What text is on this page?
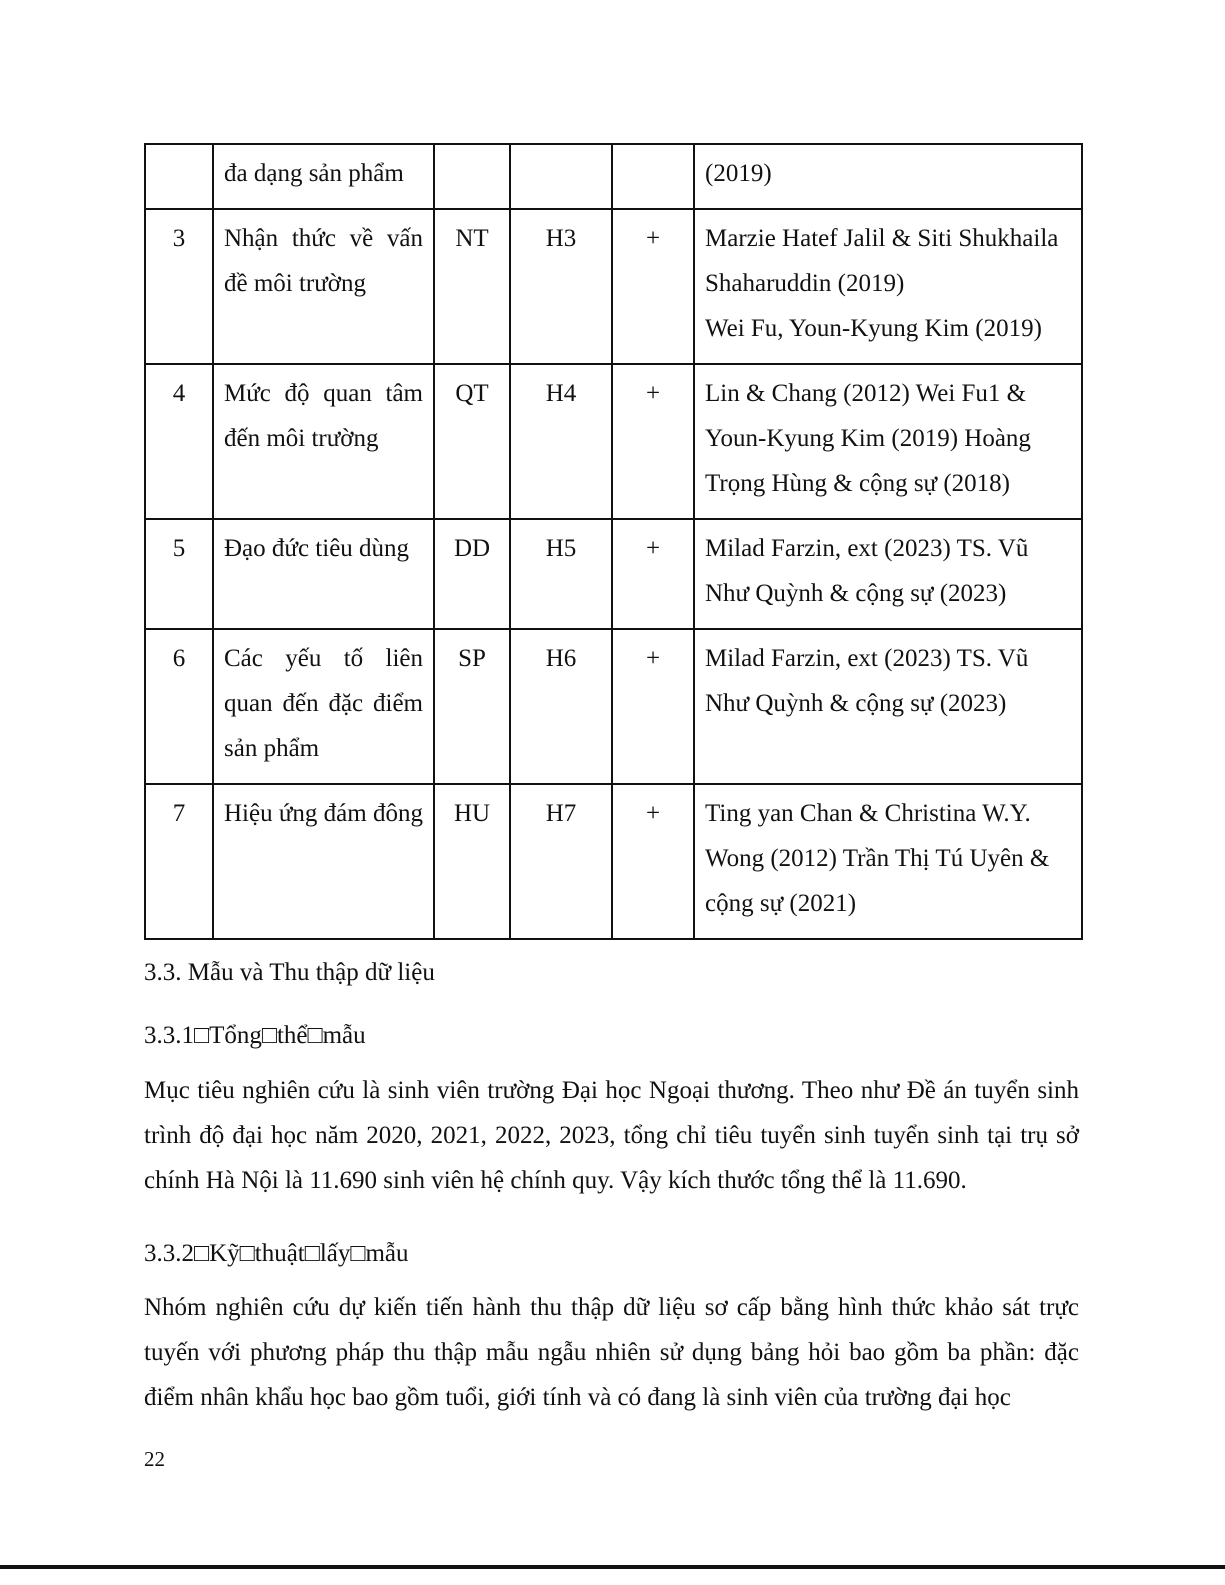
	đa dạng sản phẩm				(2019)

3	Nhận thức về vấn đề môi trường	NT	H3	+	Marzie Hatef Jalil & Siti Shukhaila Shaharuddin (2019)
Wei Fu, Youn-Kyung Kim (2019)

4	Mức độ quan tâm đến môi trường	QT	H4	+	Lin & Chang (2012) Wei Fu1 & Youn-Kyung Kim (2019) Hoàng Trọng Hùng & cộng sự (2018)

5	Đạo đức tiêu dùng	DD	H5	+	Milad Farzin, ext (2023) TS. Vũ Như Quỳnh & cộng sự (2023)

6	Các yếu tố liên quan đến đặc điểm sản phẩm	SP	H6	+	Milad Farzin, ext (2023) TS. Vũ Như Quỳnh & cộng sự (2023)

7	Hiệu ứng đám đông	HU	H7	+	Ting yan Chan & Christina W.Y. Wong (2012) Trần Thị Tú Uyên & cộng sự (2021)
3.3. Mẫu và Thu thập dữ liệu
3.3.1□Tổng□thể□mẫu
Mục tiêu nghiên cứu là sinh viên trường Đại học Ngoại thương. Theo như Đề án tuyển sinh trình độ đại học năm 2020, 2021, 2022, 2023, tổng chỉ tiêu tuyển sinh tuyển sinh tại trụ sở chính Hà Nội là 11.690 sinh viên hệ chính quy. Vậy kích thước tổng thể là 11.690.
3.3.2□Kỹ□thuật□lấy□mẫu
Nhóm nghiên cứu dự kiến tiến hành thu thập dữ liệu sơ cấp bằng hình thức khảo sát trực tuyến với phương pháp thu thập mẫu ngẫu nhiên sử dụng bảng hỏi bao gồm ba phần: đặc điểm nhân khẩu học bao gồm tuổi, giới tính và có đang là sinh viên của trường đại học
22
